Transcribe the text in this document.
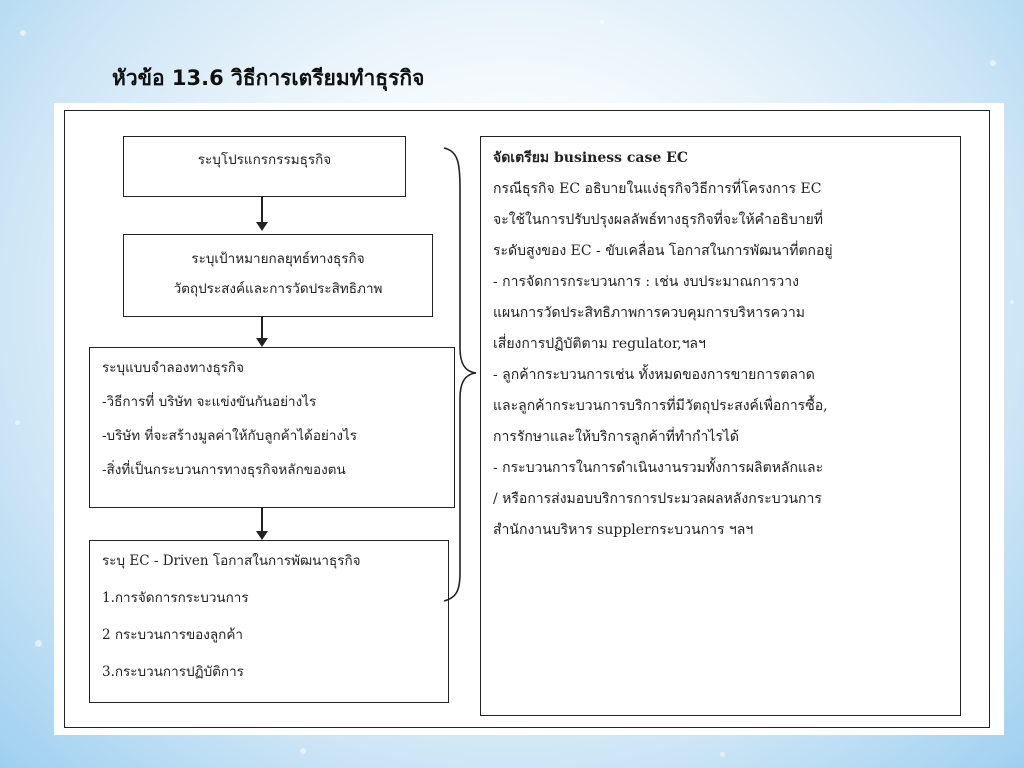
หัวข้อ 13.6 วิธีการเตรียมทำธุรกิจ

ระบุโปรแกรกรรมธุรกิจ

ระบุเป้าหมายกลยุทธ์ทางธุรกิจ

วัตถุประสงค์และการวัดประสิทธิภาพ

ระบุแบบจำลองทางธุรกิจ

-วิธีการที่ บริษัท จะแข่งขันกันอย่างไร

-บริษัท ที่จะสร้างมูลค่าให้กับลูกค้าได้อย่างไร

-สิ่งที่เป็นกระบวนการทางธุรกิจหลักของตน

ระบุ EC - Driven โอกาสในการพัฒนาธุรกิจ

1.การจัดการกระบวนการ

2 กระบวนการของลูกค้า

3.กระบวนการปฏิบัติการ

จัดเตรียม business case EC

กรณีธุรกิจ EC อธิบายในแง่ธุรกิจวิธีการที่โครงการ EC

จะใช้ในการปรับปรุงผลลัพธ์ทางธุรกิจที่จะให้คำอธิบายที่

ระดับสูงของ EC - ขับเคลื่อน โอกาสในการพัฒนาที่ตกอยู่

- การจัดการกระบวนการ : เช่น งบประมาณการวาง

แผนการวัดประสิทธิภาพการควบคุมการบริหารความ

เสี่ยงการปฏิบัติตาม regulator,ฯลฯ

- ลูกค้ากระบวนการเช่น ทั้งหมดของการขายการตลาด

และลูกค้ากระบวนการบริการที่มีวัตถุประสงค์เพื่อการซื้อ,

การรักษาและให้บริการลูกค้าที่ทำกำไรได้

- กระบวนการในการดำเนินงานรวมทั้งการผลิตหลักและ

/ หรือการส่งมอบบริการการประมวลผลหลังกระบวนการ

สำนักงานบริหาร supplerกระบวนการ ฯลฯ
